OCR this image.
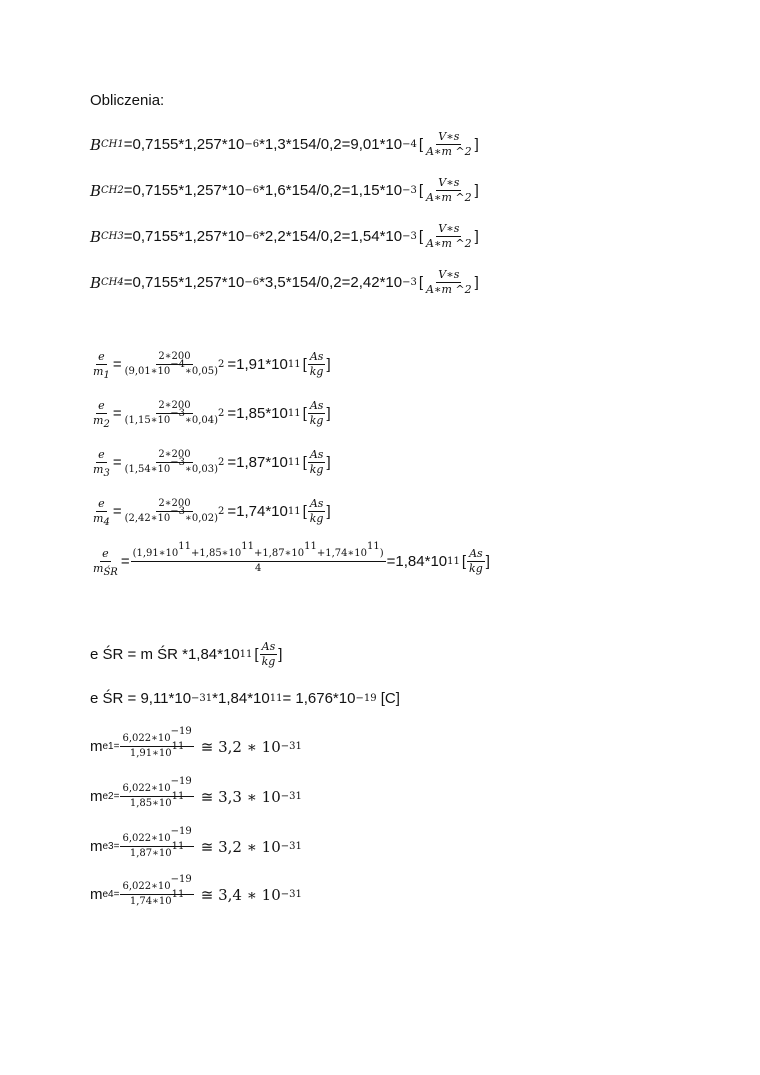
Obliczenia:
B CH1 =0,7155*1,257*10 −6 *1,3*154/0,2=9,01*10 −4 [ $\frac{V∗s}{A∗m \^{}2}$ ]
B CH2 =0,7155*1,257*10 −6 *1,6*154/0,2=1,15*10 −3 [ $\frac{V∗s}{A∗m \^{}2}$ ]
B CH3 =0,7155*1,257*10 −6 *2,2*154/0,2=1,54*10 −3 [ $\frac{V∗s}{A∗m \^{}2}$ ]
B CH4 =0,7155*1,257*10 −6 *3,5*154/0,2=2,42*10 −3 [ $\frac{V∗s}{A∗m \^{}2}$ ]
$\frac{e}{m_1} = \frac{2∗200}{(9,01∗10^{-4}∗0,05)^2} =1,91*10$ 11 [ $\frac{As}{kg}$ ]
$\frac{e}{m_2} = \frac{2∗200}{(1,15∗10^{-3}∗0,04)^2} =1,85*10$ 11 [ $\frac{As}{kg}$ ]
$\frac{e}{m_3} = \frac{2∗200}{(1,54∗10^{-3}∗0,03)^2} =1,87*10$ 11 [ $\frac{As}{kg}$ ]
$\frac{e}{m_4} = \frac{2∗200}{(2,42∗10^{-3}∗0,02)^2} =1,74*10$ 11 [ $\frac{As}{kg}$ ]
$\frac{e}{m_{ŚR}} = \frac{(1,91∗10^{11}+1,85∗10^{11}+1,87∗10^{11}+1,74∗10^{11})}{4} =1,84*10$ 11 [ $\frac{As}{kg}$ ]
e ŚR = m ŚR *1,84*10 11 [ $\frac{As}{kg}$ ]
e ŚR = 9,11*10 −31 *1,84*10 11 = 1,676*10 −19 [C]
m $e1= \frac{6,022∗10^{-19}}{1,91∗10^{11}}$ ≅ 3,2 ∗ 10 −31
m $e2= \frac{6,022∗10^{-19}}{1,85∗10^{11}}$ ≅ 3,3 ∗ 10 −31
m $e3= \frac{6,022∗10^{-19}}{1,87∗10^{11}}$ ≅ 3,2 ∗ 10 −31
m $e4= \frac{6,022∗10^{-19}}{1,74∗10^{11}}$ ≅ 3,4 ∗ 10 −31
